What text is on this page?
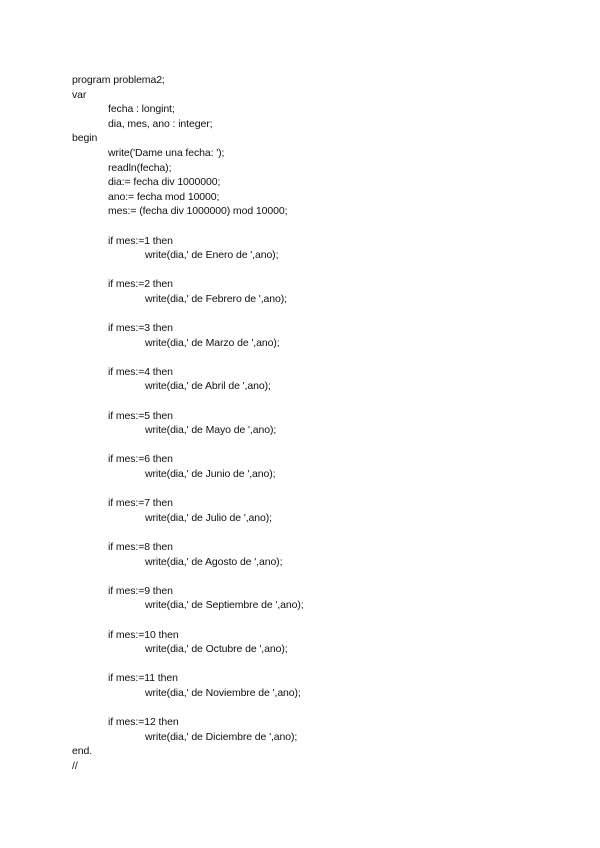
program problema2;
var
fecha : longint;
dia, mes, ano : integer;
begin
write('Dame una fecha: ');
readln(fecha);
dia:= fecha div 1000000;
ano:= fecha mod 10000;
mes:= (fecha div 1000000) mod 10000;
if mes:=1 then
write(dia,' de Enero de ',ano);
if mes:=2 then
write(dia,' de Febrero de ',ano);
if mes:=3 then
write(dia,' de Marzo de ',ano);
if mes:=4 then
write(dia,' de Abril de ',ano);
if mes:=5 then
write(dia,' de Mayo de ',ano);
if mes:=6 then
write(dia,' de Junio de ',ano);
if mes:=7 then
write(dia,' de Julio de ',ano);
if mes:=8 then
write(dia,' de Agosto de ',ano);
if mes:=9 then
write(dia,' de Septiembre de ',ano);
if mes:=10 then
write(dia,' de Octubre de ',ano);
if mes:=11 then
write(dia,' de Noviembre de ',ano);
if mes:=12 then
write(dia,' de Diciembre de ',ano);
end.
//
